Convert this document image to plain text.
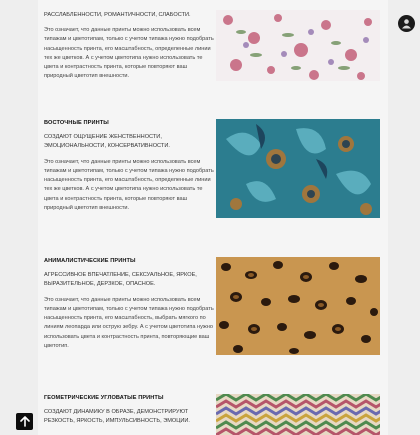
РАССЛАБЛЕННОСТИ, РОМАНТИЧНОСТИ, СЛАБОСТИ.
Это означает, что данные принты можно использовать всем типажам и цветотипам, только с учетом типажа нужно подобрать насыщенность принта, его масштабность, определенные линии тех же цветков. А с учетом цветотипа нужно использовать те цвета и контрастность принта, которые повторяют ваш природный цветотип внешности.
ВОСТОЧНЫЕ ПРИНТЫ
СОЗДАЮТ ОЩУЩЕНИЕ ЖЕНСТВЕННОСТИ, ЭМОЦИОНАЛЬНОСТИ, КОНСЕРВАТИВНОСТИ.
Это означает, что данные принты можно использовать всем типажам и цветотипам, только с учетом типажа нужно подобрать насыщенность принта, его масштабность, определенные линии тех же цветков. А с учетом цветотипа нужно использовать те цвета и контрастность принта, которые повторяют ваш природный цветотип внешности.
АНИМАЛИСТИЧЕСКИЕ ПРИНТЫ
АГРЕССИВНОЕ ВПЕЧАТЛЕНИЕ, СЕКСУАЛЬНОЕ, ЯРКОЕ, ВЫРАЗИТЕЛЬНОЕ, ДЕРЗКОЕ, ОПАСНОЕ.
Это означает, что данные принты можно использовать всем типажам и цветотипам, только с учетом типажа нужно подобрать насыщенность принта, его масштабность, выбрать мягкого по линиям леопарда или острую зебру. А с учетом цветотипа нужно использовать цвета и контрастность принта, повторяющие ваш цветотип.
ГЕОМЕТРИЧЕСКИЕ УГЛОВАТЫЕ ПРИНТЫ
СОЗДАЮТ ДИНАМИКУ В ОБРАЗЕ, ДЕМОНСТРИРУЮТ РЕЗКОСТЬ, ЯРКОСТЬ, ИМПУЛЬСИВНОСТЬ, ЭМОЦИИ.
